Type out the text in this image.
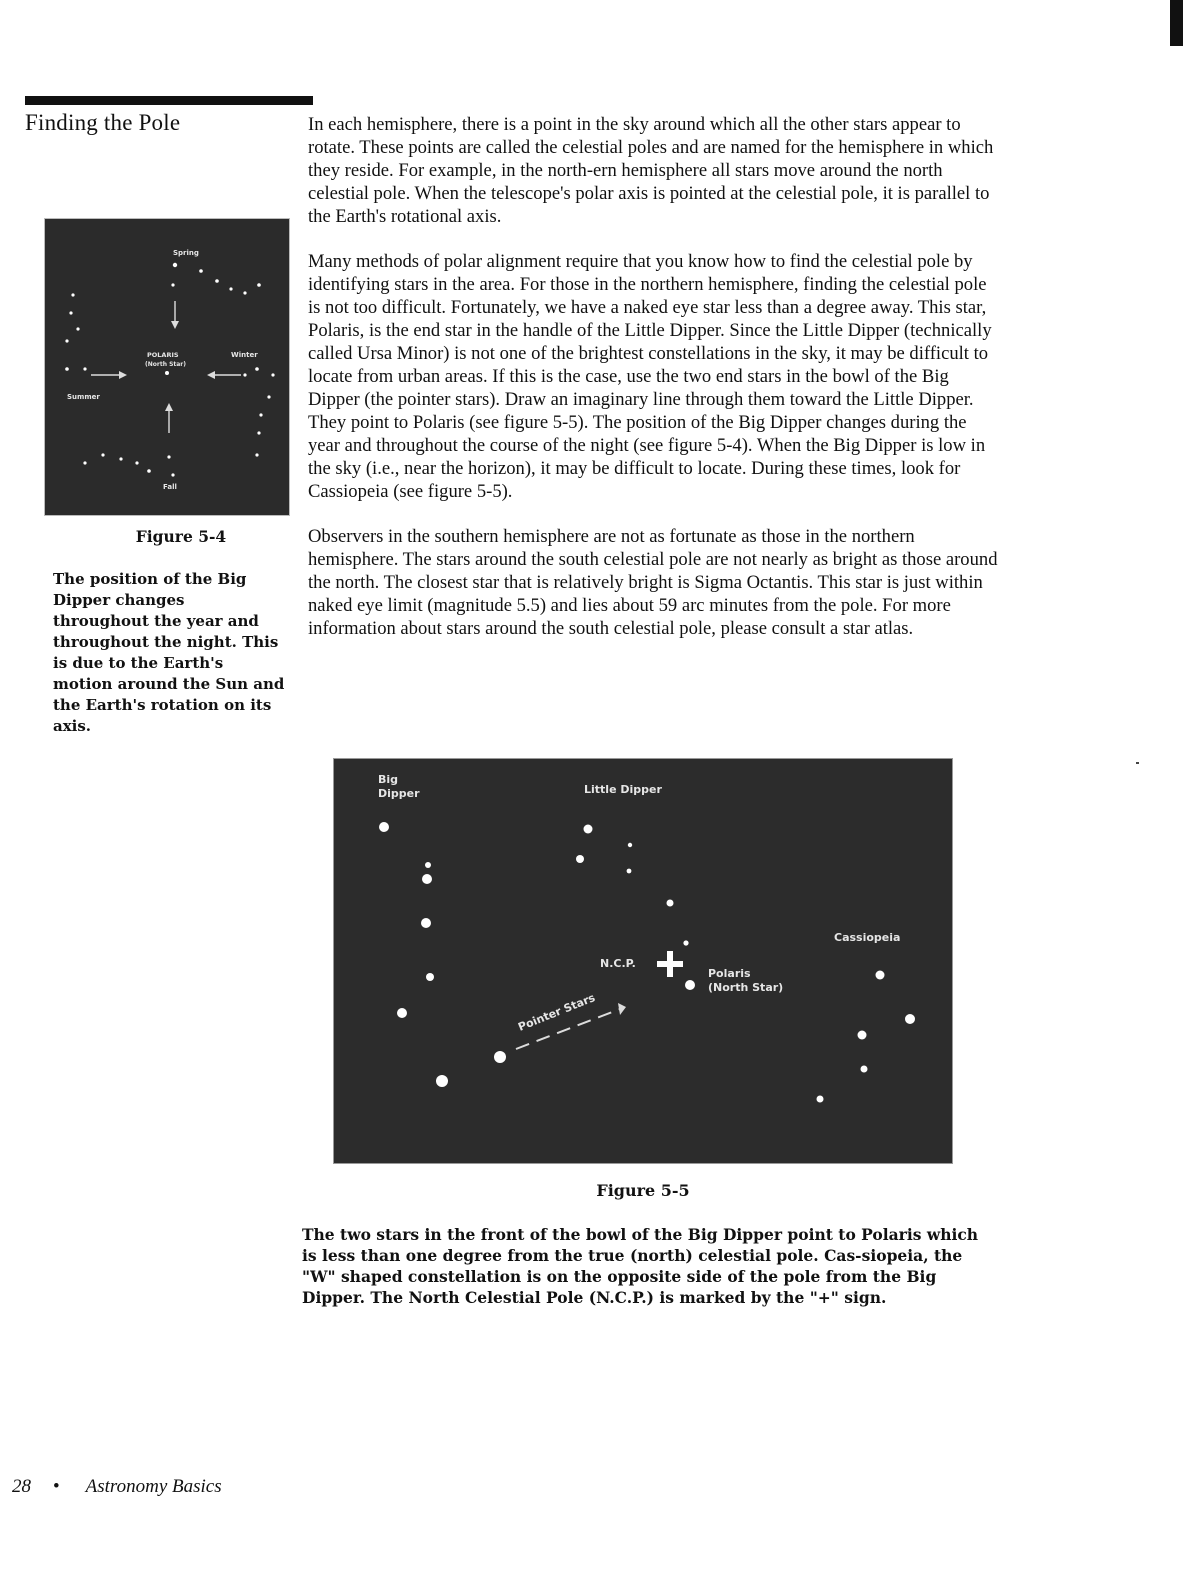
Finding the Pole	In each hemisphere, there is a point in the sky around which all the other stars appear to rotate. These points are called the celestial poles and are named for the hemisphere in which they reside. For example, in the north-ern hemisphere all stars move around the north celestial pole. When the telescope's polar axis is pointed at the celestial pole, it is parallel to the Earth's rotational axis.

Many methods of polar alignment require that you know how to find the celestial pole by identifying stars in the area. For those in the northern hemisphere, finding the celestial pole is not too difficult. Fortunately, we have a naked eye star less than a degree away. This star, Polaris, is the end star in the handle of the Little Dipper. Since the Little Dipper (technically called Ursa Minor) is not one of the brightest constellations in the sky, it may be difficult to locate from urban areas. If this is the case, use the two end stars in the bowl of the Big Dipper (the pointer stars). Draw an imaginary line through them toward the Little Dipper. They point to Polaris (see figure 5-5). The position of the Big Dipper changes during the year and throughout the course of the night (see figure 5-4). When the Big Dipper is low in the sky (i.e., near the horizon), it may be difficult to locate. During these times, look for Cassiopeia (see figure 5-5).

Observers in the southern hemisphere are not as fortunate as those in the northern hemisphere. The stars around the south celestial pole are not nearly as bright as those around the north. The closest star that is relatively bright is Sigma Octantis. This star is just within naked eye limit (magnitude 5.5) and lies about 59 arc minutes from the pole. For more information about stars around the south celestial pole, please consult a star atlas.

Spring
Summer
POLARIS
(North Star)
Winter
Fall
Figure 5-4
The position of the Big Dipper changes throughout the year and throughout the night. This is due to the Earth's motion around the Sun and the Earth's rotation on its axis.
Big
Dipper
Pointer Stars
Little Dipper
N.C.P.
Polaris
(North Star)
Cassiopeia
Figure 5-5
The two stars in the front of the bowl of the Big Dipper point to Polaris which is less than one degree from the true (north) celestial pole. Cas-siopeia, the "W" shaped constellation is on the opposite side of the pole from the Big Dipper. The North Celestial Pole (N.C.P.) is marked by the "+" sign.
28 • Astronomy Basics
